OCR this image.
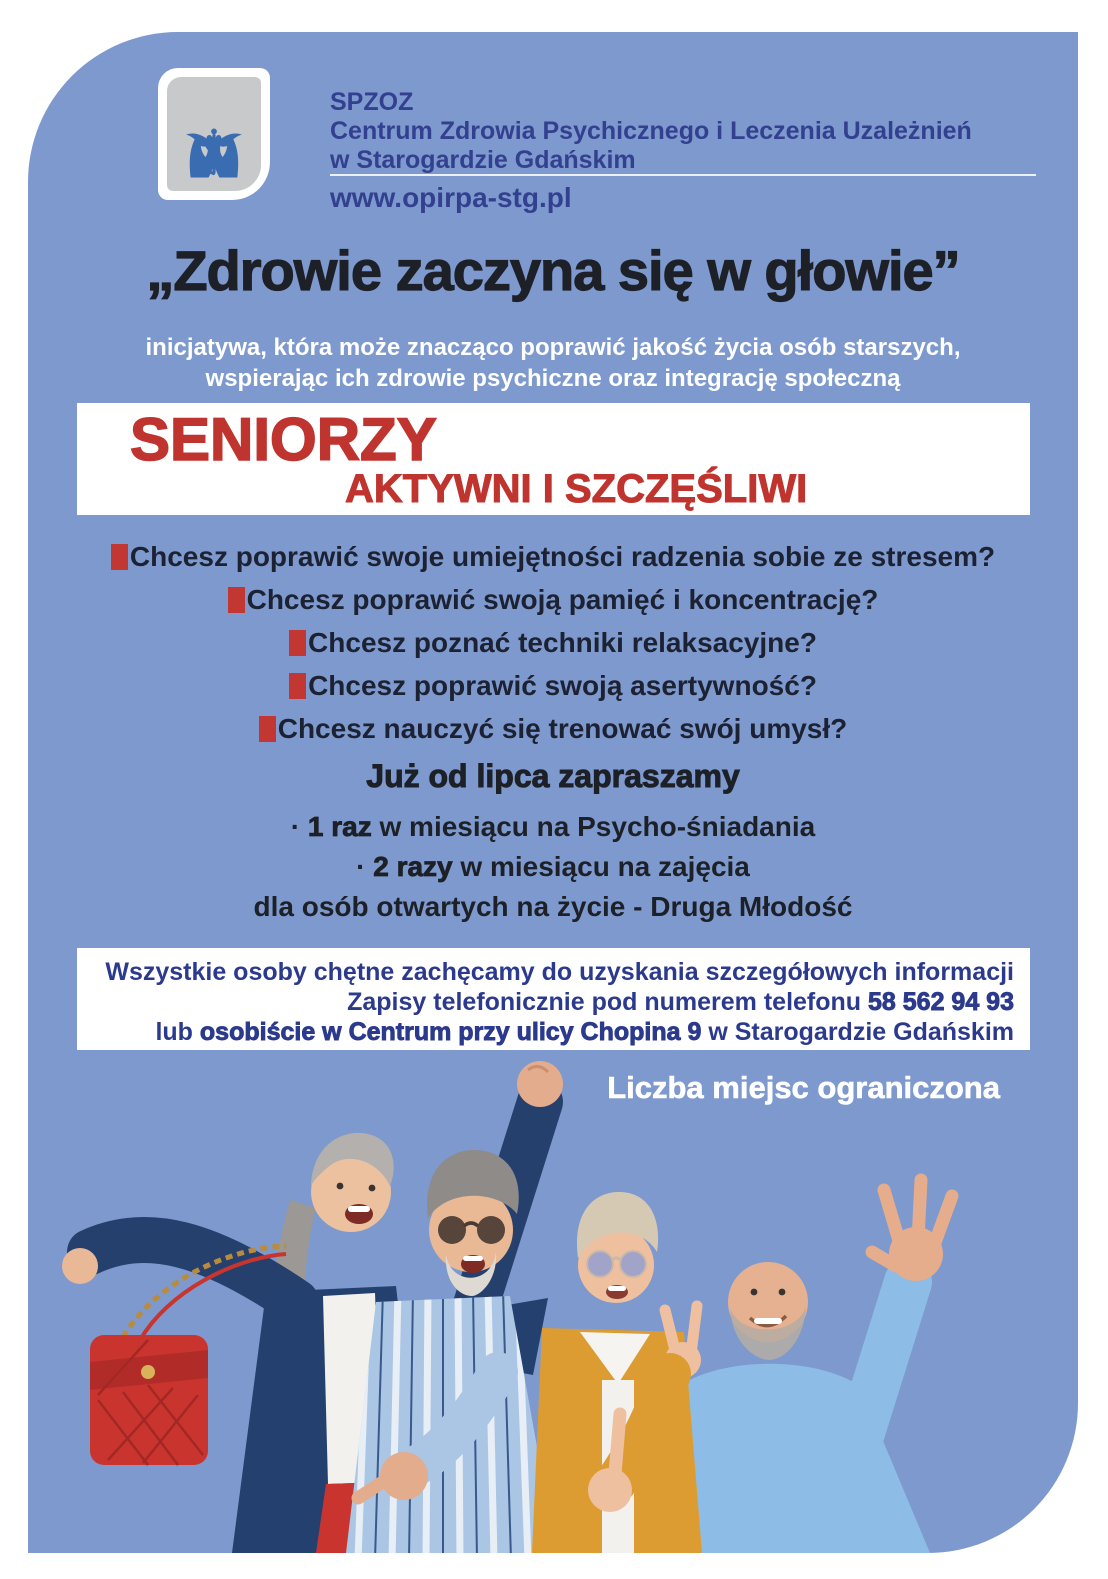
SPZOZ
Centrum Zdrowia Psychicznego i Leczenia Uzależnień
w Starogardzie Gdańskim
www.opirpa-stg.pl
„Zdrowie zaczyna się w głowie”
inicjatywa, która może znacząco poprawić jakość życia osób starszych,
wspierając ich zdrowie psychiczne oraz integrację społeczną
SENIORZY
AKTYWNI I SZCZĘŚLIWI
Chcesz poprawić swoje umiejętności radzenia sobie ze stresem?
Chcesz poprawić swoją pamięć i koncentrację?
Chcesz poznać techniki relaksacyjne?
Chcesz poprawić swoją asertywność?
Chcesz nauczyć się trenować swój umysł?
Już od lipca zapraszamy
· 1 raz w miesiącu na Psycho-śniadania
· 2 razy w miesiącu na zajęcia
dla osób otwartych na życie - Druga Młodość
Wszystkie osoby chętne zachęcamy do uzyskania szczegółowych informacji
Zapisy telefonicznie pod numerem telefonu 58 562 94 93
lub osobiście w Centrum przy ulicy Chopina 9 w Starogardzie Gdańskim
Liczba miejsc ograniczona
